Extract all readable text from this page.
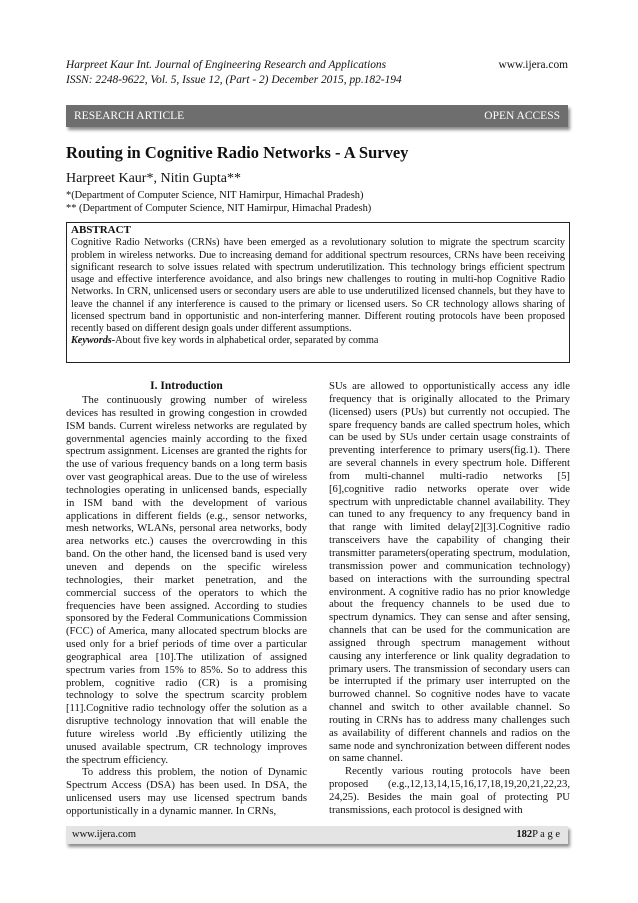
Harpreet Kaur Int. Journal of Engineering Research and Applications
ISSN: 2248-9622, Vol. 5, Issue 12, (Part - 2) December 2015, pp.182-194
www.ijera.com
RESEARCH ARTICLE	OPEN ACCESS
Routing in Cognitive Radio Networks - A Survey
Harpreet Kaur*, Nitin Gupta**
*(Department of Computer Science, NIT Hamirpur, Himachal Pradesh)
** (Department of Computer Science, NIT Hamirpur, Himachal Pradesh)
ABSTRACT
Cognitive Radio Networks (CRNs) have been emerged as a revolutionary solution to migrate the spectrum scarcity problem in wireless networks. Due to increasing demand for additional spectrum resources, CRNs have been receiving significant research to solve issues related with spectrum underutilization. This technology brings efficient spectrum usage and effective interference avoidance, and also brings new challenges to routing in multi-hop Cognitive Radio Networks. In CRN, unlicensed users or secondary users are able to use underutilized licensed channels, but they have to leave the channel if any interference is caused to the primary or licensed users. So CR technology allows sharing of licensed spectrum band in opportunistic and non-interfering manner. Different routing protocols have been proposed recently based on different design goals under different assumptions.
Keywords-About five key words in alphabetical order, separated by comma
I. Introduction

The continuously growing number of wireless devices has resulted in growing congestion in crowded ISM bands. Current wireless networks are regulated by governmental agencies mainly according to the fixed spectrum assignment. Licenses are granted the rights for the use of various frequency bands on a long term basis over vast geographical areas. Due to the use of wireless technologies operating in unlicensed bands, especially in ISM band with the development of various applications in different fields (e.g., sensor networks, mesh networks, WLANs, personal area networks, body area networks etc.) causes the overcrowding in this band. On the other hand, the licensed band is used very uneven and depends on the specific wireless technologies, their market penetration, and the commercial success of the operators to which the frequencies have been assigned. According to studies sponsored by the Federal Communications Commission (FCC) of America, many allocated spectrum blocks are used only for a brief periods of time over a particular geographical area [10].The utilization of assigned spectrum varies from 15% to 85%. So to address this problem, cognitive radio (CR) is a promising technology to solve the spectrum scarcity problem [11].Cognitive radio technology offer the solution as a disruptive technology innovation that will enable the future wireless world .By efficiently utilizing the unused available spectrum, CR technology improves the spectrum efficiency.

To address this problem, the notion of Dynamic Spectrum Access (DSA) has been used. In DSA, the unlicensed users may use licensed spectrum bands opportunistically in a dynamic manner. In CRNs,

SUs are allowed to opportunistically access any idle frequency that is originally allocated to the Primary (licensed) users (PUs) but currently not occupied. The spare frequency bands are called spectrum holes, which can be used by SUs under certain usage constraints of preventing interference to primary users(fig.1). There are several channels in every spectrum hole. Different from multi-channel multi-radio networks [5][6],cognitive radio networks operate over wide spectrum with unpredictable channel availability. They can tuned to any frequency to any frequency band in that range with limited delay[2][3].Cognitive radio transceivers have the capability of changing their transmitter parameters(operating spectrum, modulation, transmission power and communication technology) based on interactions with the surrounding spectral environment. A cognitive radio has no prior knowledge about the frequency channels to be used due to spectrum dynamics. They can sense and after sensing, channels that can be used for the communication are assigned through spectrum management without causing any interference or link quality degradation to primary users. The transmission of secondary users can be interrupted if the primary user interrupted on the burrowed channel. So cognitive nodes have to vacate channel and switch to other available channel. So routing in CRNs has to address many challenges such as availability of different channels and radios on the same node and synchronization between different nodes on same channel.

Recently various routing protocols have been proposed (e.g.,12,13,14,15,16,17,18,19,20,21,22,23, 24,25). Besides the main goal of protecting PU transmissions, each protocol is designed with

www.ijera.com	182P a g e
